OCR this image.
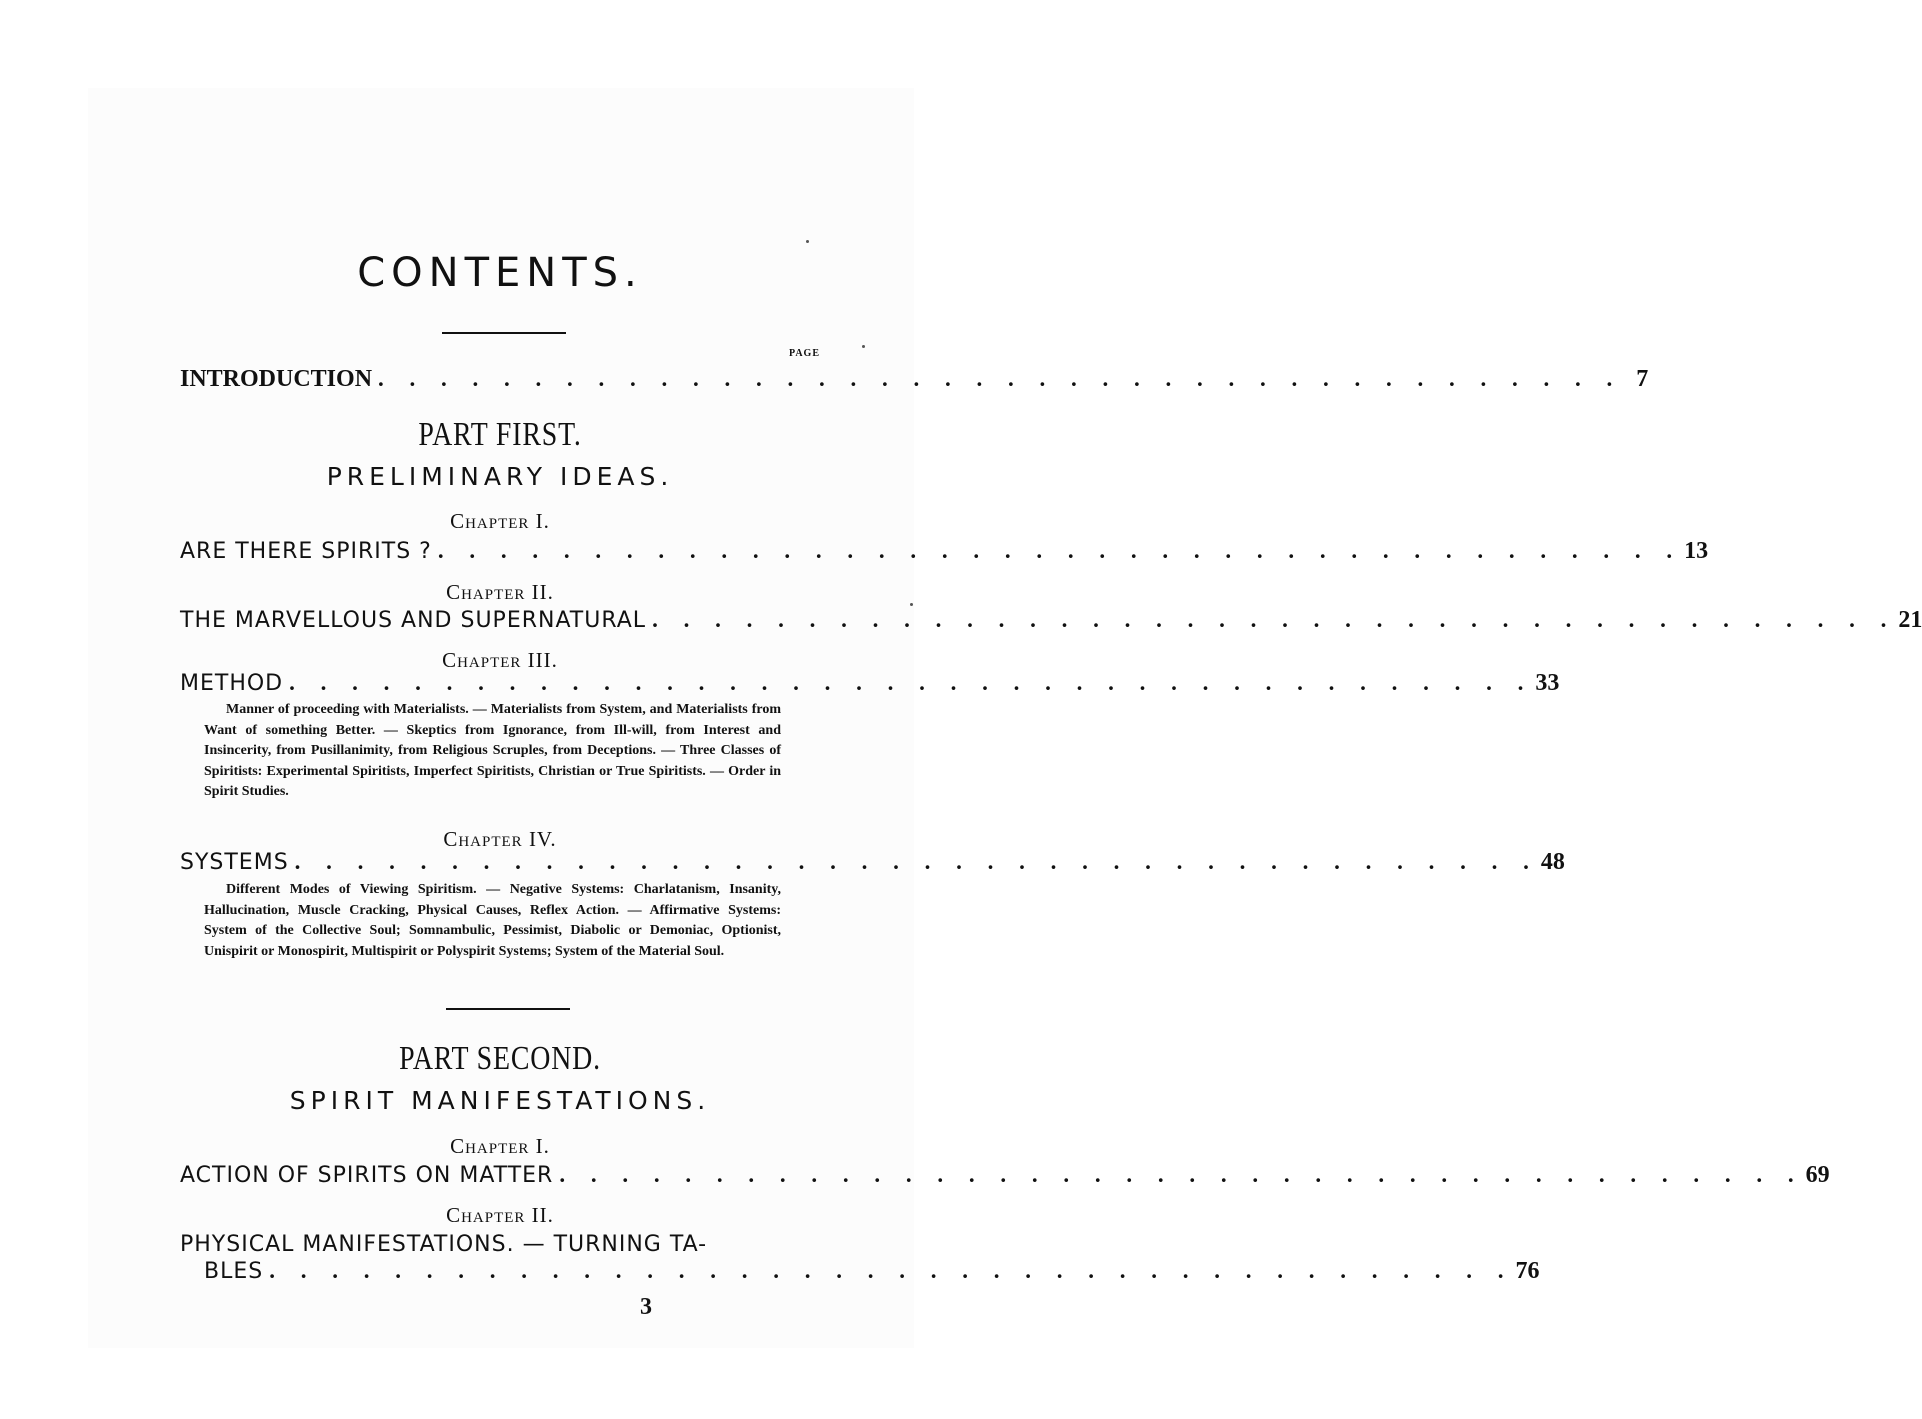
CONTENTS.
PAGE
INTRODUCTION . . . . . . . . . . . . . . . . . . . . . . . . . . . . . . . . . . . . . . . . 7
PART FIRST.
PRELIMINARY IDEAS.
Chapter I.
ARE THERE SPIRITS ? . . . . . . . . . . . . . . . . . . . . . . . . . . . . . . . . . . . . . . . . 13
Chapter II.
THE MARVELLOUS AND SUPERNATURAL . . . . . . . . . . . . . . . . . . . . . . . . . . . . . . . . . . . . . . . . 21
Chapter III.
METHOD . . . . . . . . . . . . . . . . . . . . . . . . . . . . . . . . . . . . . . . . 33
Manner of proceeding with Materialists. — Materialists from System, and Materialists from Want of something Better. — Skeptics from Ignorance, from Ill-will, from Interest and Insincerity, from Pusillanimity, from Religious Scruples, from Deceptions. — Three Classes of Spiritists: Experimental Spiritists, Imperfect Spiritists, Christian or True Spiritists. — Order in Spirit Studies.
Chapter IV.
SYSTEMS . . . . . . . . . . . . . . . . . . . . . . . . . . . . . . . . . . . . . . . . 48
Different Modes of Viewing Spiritism. — Negative Systems: Charlatanism, Insanity, Hallucination, Muscle Cracking, Physical Causes, Reflex Action. — Affirmative Systems: System of the Collective Soul; Somnambulic, Pessimist, Diabolic or Demoniac, Optionist, Unispirit or Monospirit, Multispirit or Polyspirit Systems; System of the Material Soul.
PART SECOND.
SPIRIT MANIFESTATIONS.
Chapter I.
ACTION OF SPIRITS ON MATTER . . . . . . . . . . . . . . . . . . . . . . . . . . . . . . . . . . . . . . . . 69
Chapter II.
PHYSICAL MANIFESTATIONS. — TURNING TA-
BLES . . . . . . . . . . . . . . . . . . . . . . . . . . . . . . . . . . . . . . . . 76
3
